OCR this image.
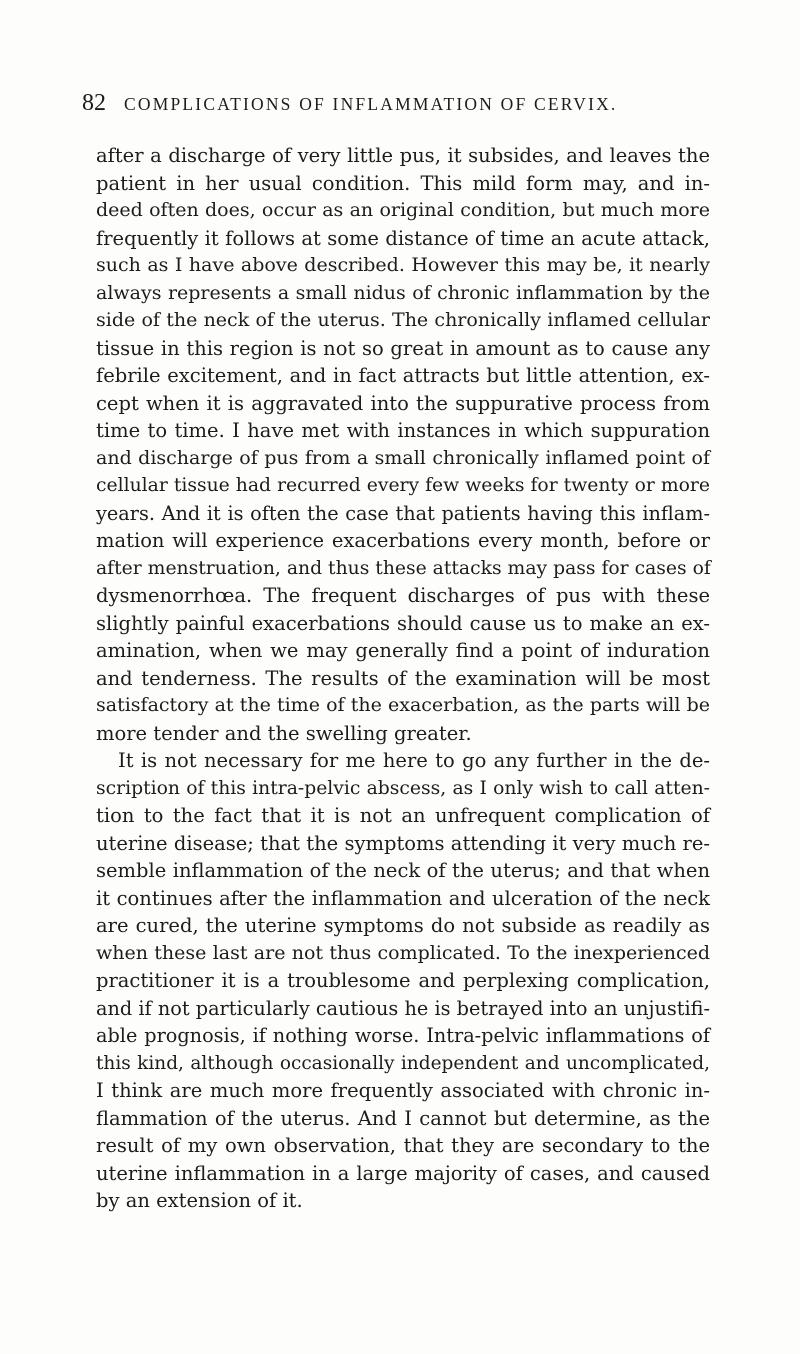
82 COMPLICATIONS OF INFLAMMATION OF CERVIX.
after a discharge of very little pus, it subsides, and leaves the
patient in her usual condition. This mild form may, and in-
deed often does, occur as an original condition, but much more
frequently it follows at some distance of time an acute attack,
such as I have above described. However this may be, it nearly
always represents a small nidus of chronic inflammation by the
side of the neck of the uterus. The chronically inflamed cellular
tissue in this region is not so great in amount as to cause any
febrile excitement, and in fact attracts but little attention, ex-
cept when it is aggravated into the suppurative process from
time to time. I have met with instances in which suppuration
and discharge of pus from a small chronically inflamed point of
cellular tissue had recurred every few weeks for twenty or more
years. And it is often the case that patients having this inflam-
mation will experience exacerbations every month, before or
after menstruation, and thus these attacks may pass for cases of
dysmenorrhœa. The frequent discharges of pus with these
slightly painful exacerbations should cause us to make an ex-
amination, when we may generally find a point of induration
and tenderness. The results of the examination will be most
satisfactory at the time of the exacerbation, as the parts will be
more tender and the swelling greater.
It is not necessary for me here to go any further in the de-
scription of this intra-pelvic abscess, as I only wish to call atten-
tion to the fact that it is not an unfrequent complication of
uterine disease; that the symptoms attending it very much re-
semble inflammation of the neck of the uterus; and that when
it continues after the inflammation and ulceration of the neck
are cured, the uterine symptoms do not subside as readily as
when these last are not thus complicated. To the inexperienced
practitioner it is a troublesome and perplexing complication,
and if not particularly cautious he is betrayed into an unjustifi-
able prognosis, if nothing worse. Intra-pelvic inflammations of
this kind, although occasionally independent and uncomplicated,
I think are much more frequently associated with chronic in-
flammation of the uterus. And I cannot but determine, as the
result of my own observation, that they are secondary to the
uterine inflammation in a large majority of cases, and caused
by an extension of it.
